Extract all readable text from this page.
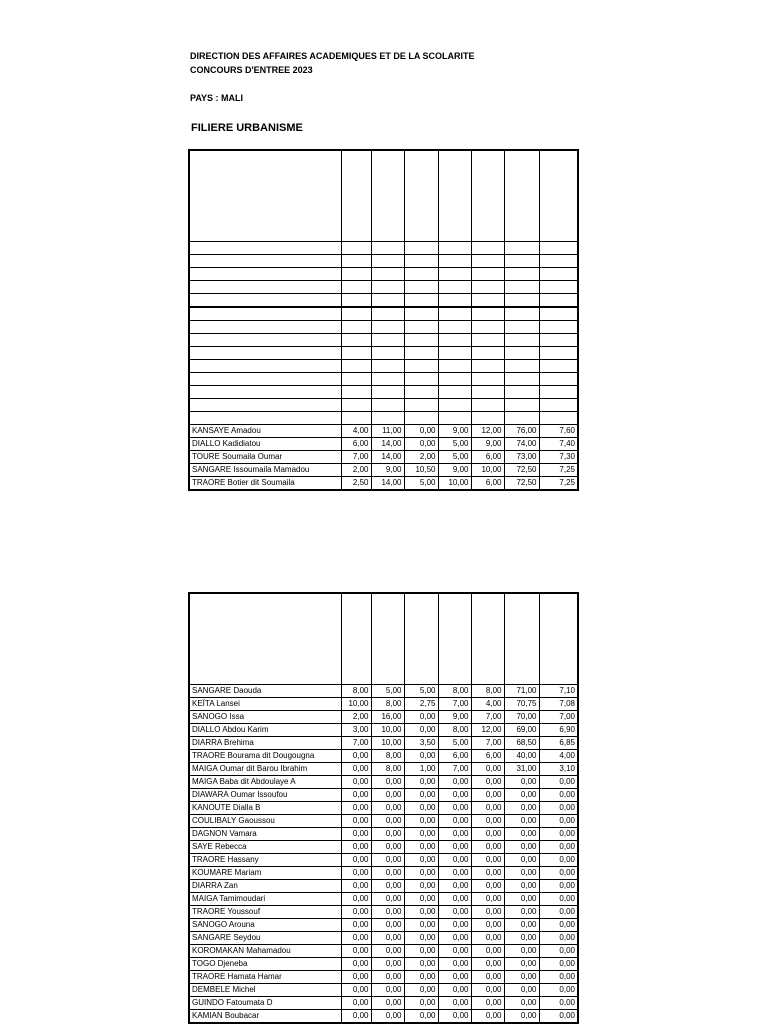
DIRECTION DES AFFAIRES ACADEMIQUES ET DE LA SCOLARITE
CONCOURS D'ENTREE 2023
PAYS : MALI
FILIERE URBANISME

KANSAYE Amadou	4,00	11,00	0,00	9,00	12,00	76,00	7,60
DIALLO Kadidiatou	6,00	14,00	0,00	5,00	9,00	74,00	7,40
TOURE Soumaila Oumar	7,00	14,00	2,00	5,00	6,00	73,00	7,30
SANGARE Issoumaila Mamadou	2,00	9,00	10,50	9,00	10,00	72,50	7,25
TRAORE Botier dit Soumaila	2,50	14,00	5,00	10,00	6,00	72,50	7,25

SANGARE Daouda	8,00	5,00	5,00	8,00	8,00	71,00	7,10
KEÏTA Lansei	10,00	8,00	2,75	7,00	4,00	70,75	7,08
SANOGO Issa	2,00	16,00	0,00	9,00	7,00	70,00	7,00
DIALLO Abdou Karim	3,00	10,00	0,00	8,00	12,00	69,00	6,90
DIARRA Brehima	7,00	10,00	3,50	5,00	7,00	68,50	6,85
TRAORE Bourama dit Dougougna	0,00	8,00	0,00	6,00	6,00	40,00	4,00
MAIGA Oumar dit Barou Ibrahim	0,00	8,00	1,00	7,00	0,00	31,00	3,10
MAIGA Baba dit Abdoulaye A	0,00	0,00	0,00	0,00	0,00	0,00	0,00
DIAWARA Oumar Issoufou	0,00	0,00	0,00	0,00	0,00	0,00	0,00
KANOUTE Dialla B	0,00	0,00	0,00	0,00	0,00	0,00	0,00
COULIBALY Gaoussou	0,00	0,00	0,00	0,00	0,00	0,00	0,00
DAGNON Vamara	0,00	0,00	0,00	0,00	0,00	0,00	0,00
SAYE Rebecca	0,00	0,00	0,00	0,00	0,00	0,00	0,00
TRAORE Hassany	0,00	0,00	0,00	0,00	0,00	0,00	0,00
KOUMARE Mariam	0,00	0,00	0,00	0,00	0,00	0,00	0,00
DIARRA Zan	0,00	0,00	0,00	0,00	0,00	0,00	0,00
MAIGA Tamimoudari	0,00	0,00	0,00	0,00	0,00	0,00	0,00
TRAORE Youssouf	0,00	0,00	0,00	0,00	0,00	0,00	0,00
SANOGO Arouna	0,00	0,00	0,00	0,00	0,00	0,00	0,00
SANGARE Seydou	0,00	0,00	0,00	0,00	0,00	0,00	0,00
KOROMAKAN Mahamadou	0,00	0,00	0,00	0,00	0,00	0,00	0,00
TOGO Djeneba	0,00	0,00	0,00	0,00	0,00	0,00	0,00
TRAORE Hamata Hamar	0,00	0,00	0,00	0,00	0,00	0,00	0,00
DEMBELE Michel	0,00	0,00	0,00	0,00	0,00	0,00	0,00
GUINDO Fatoumata D	0,00	0,00	0,00	0,00	0,00	0,00	0,00
KAMIAN Boubacar	0,00	0,00	0,00	0,00	0,00	0,00	0,00
